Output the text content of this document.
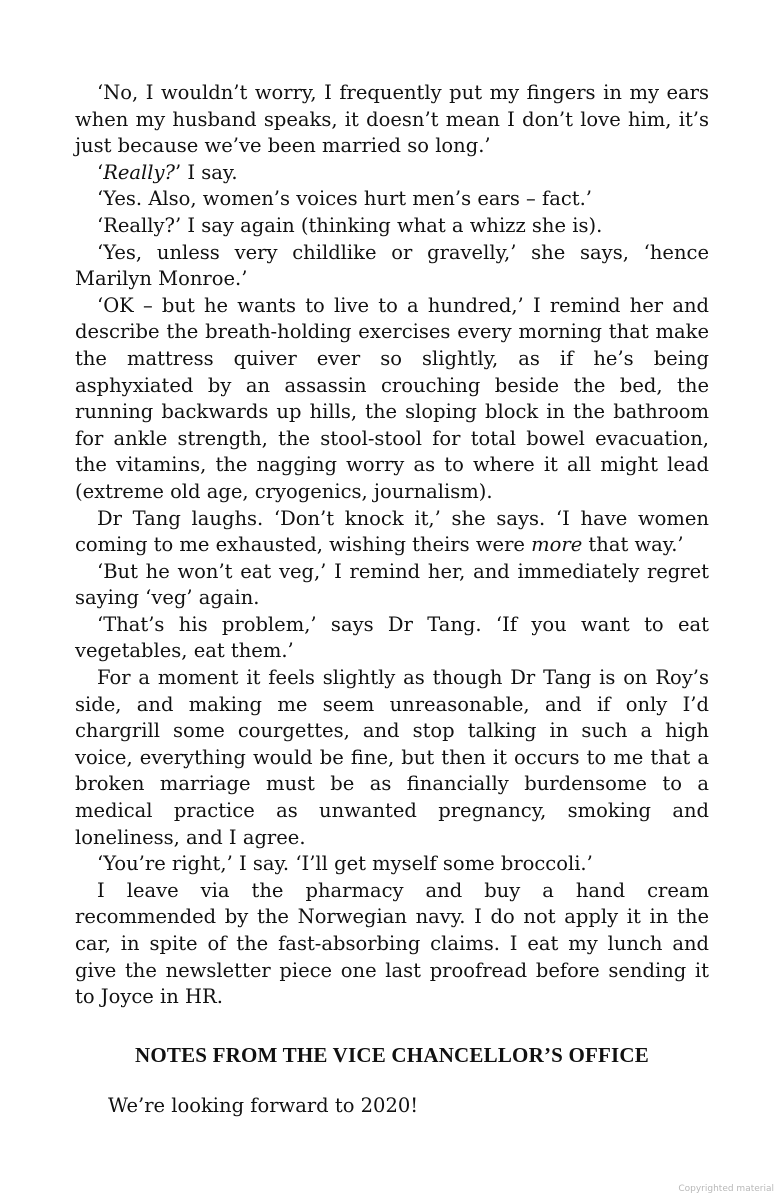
‘No, I wouldn’t worry, I frequently put my fingers in my ears when my husband speaks, it doesn’t mean I don’t love him, it’s just because we’ve been married so long.’

‘Really?’ I say.

‘Yes. Also, women’s voices hurt men’s ears – fact.’

‘Really?’ I say again (thinking what a whizz she is).

‘Yes, unless very childlike or gravelly,’ she says, ‘hence Marilyn Monroe.’

‘OK – but he wants to live to a hundred,’ I remind her and describe the breath-holding exercises every morning that make the mattress quiver ever so slightly, as if he’s being asphyxiated by an assassin crouching beside the bed, the running backwards up hills, the sloping block in the bathroom for ankle strength, the stool-stool for total bowel evacuation, the vitamins, the nagging worry as to where it all might lead (extreme old age, cryogenics, journalism).

Dr Tang laughs. ‘Don’t knock it,’ she says. ‘I have women coming to me exhausted, wishing theirs were more that way.’

‘But he won’t eat veg,’ I remind her, and immediately regret saying ‘veg’ again.

‘That’s his problem,’ says Dr Tang. ‘If you want to eat vegetables, eat them.’

For a moment it feels slightly as though Dr Tang is on Roy’s side, and making me seem unreasonable, and if only I’d chargrill some courgettes, and stop talking in such a high voice, everything would be fine, but then it occurs to me that a broken marriage must be as financially burdensome to a medical practice as unwanted pregnancy, smoking and loneliness, and I agree.

‘You’re right,’ I say. ‘I’ll get myself some broccoli.’

I leave via the pharmacy and buy a hand cream recommended by the Norwegian navy. I do not apply it in the car, in spite of the fast-absorbing claims. I eat my lunch and give the newsletter piece one last proofread before sending it to Joyce in HR.

NOTES FROM THE VICE CHANCELLOR’S OFFICE

We’re looking forward to 2020!

Copyrighted material
